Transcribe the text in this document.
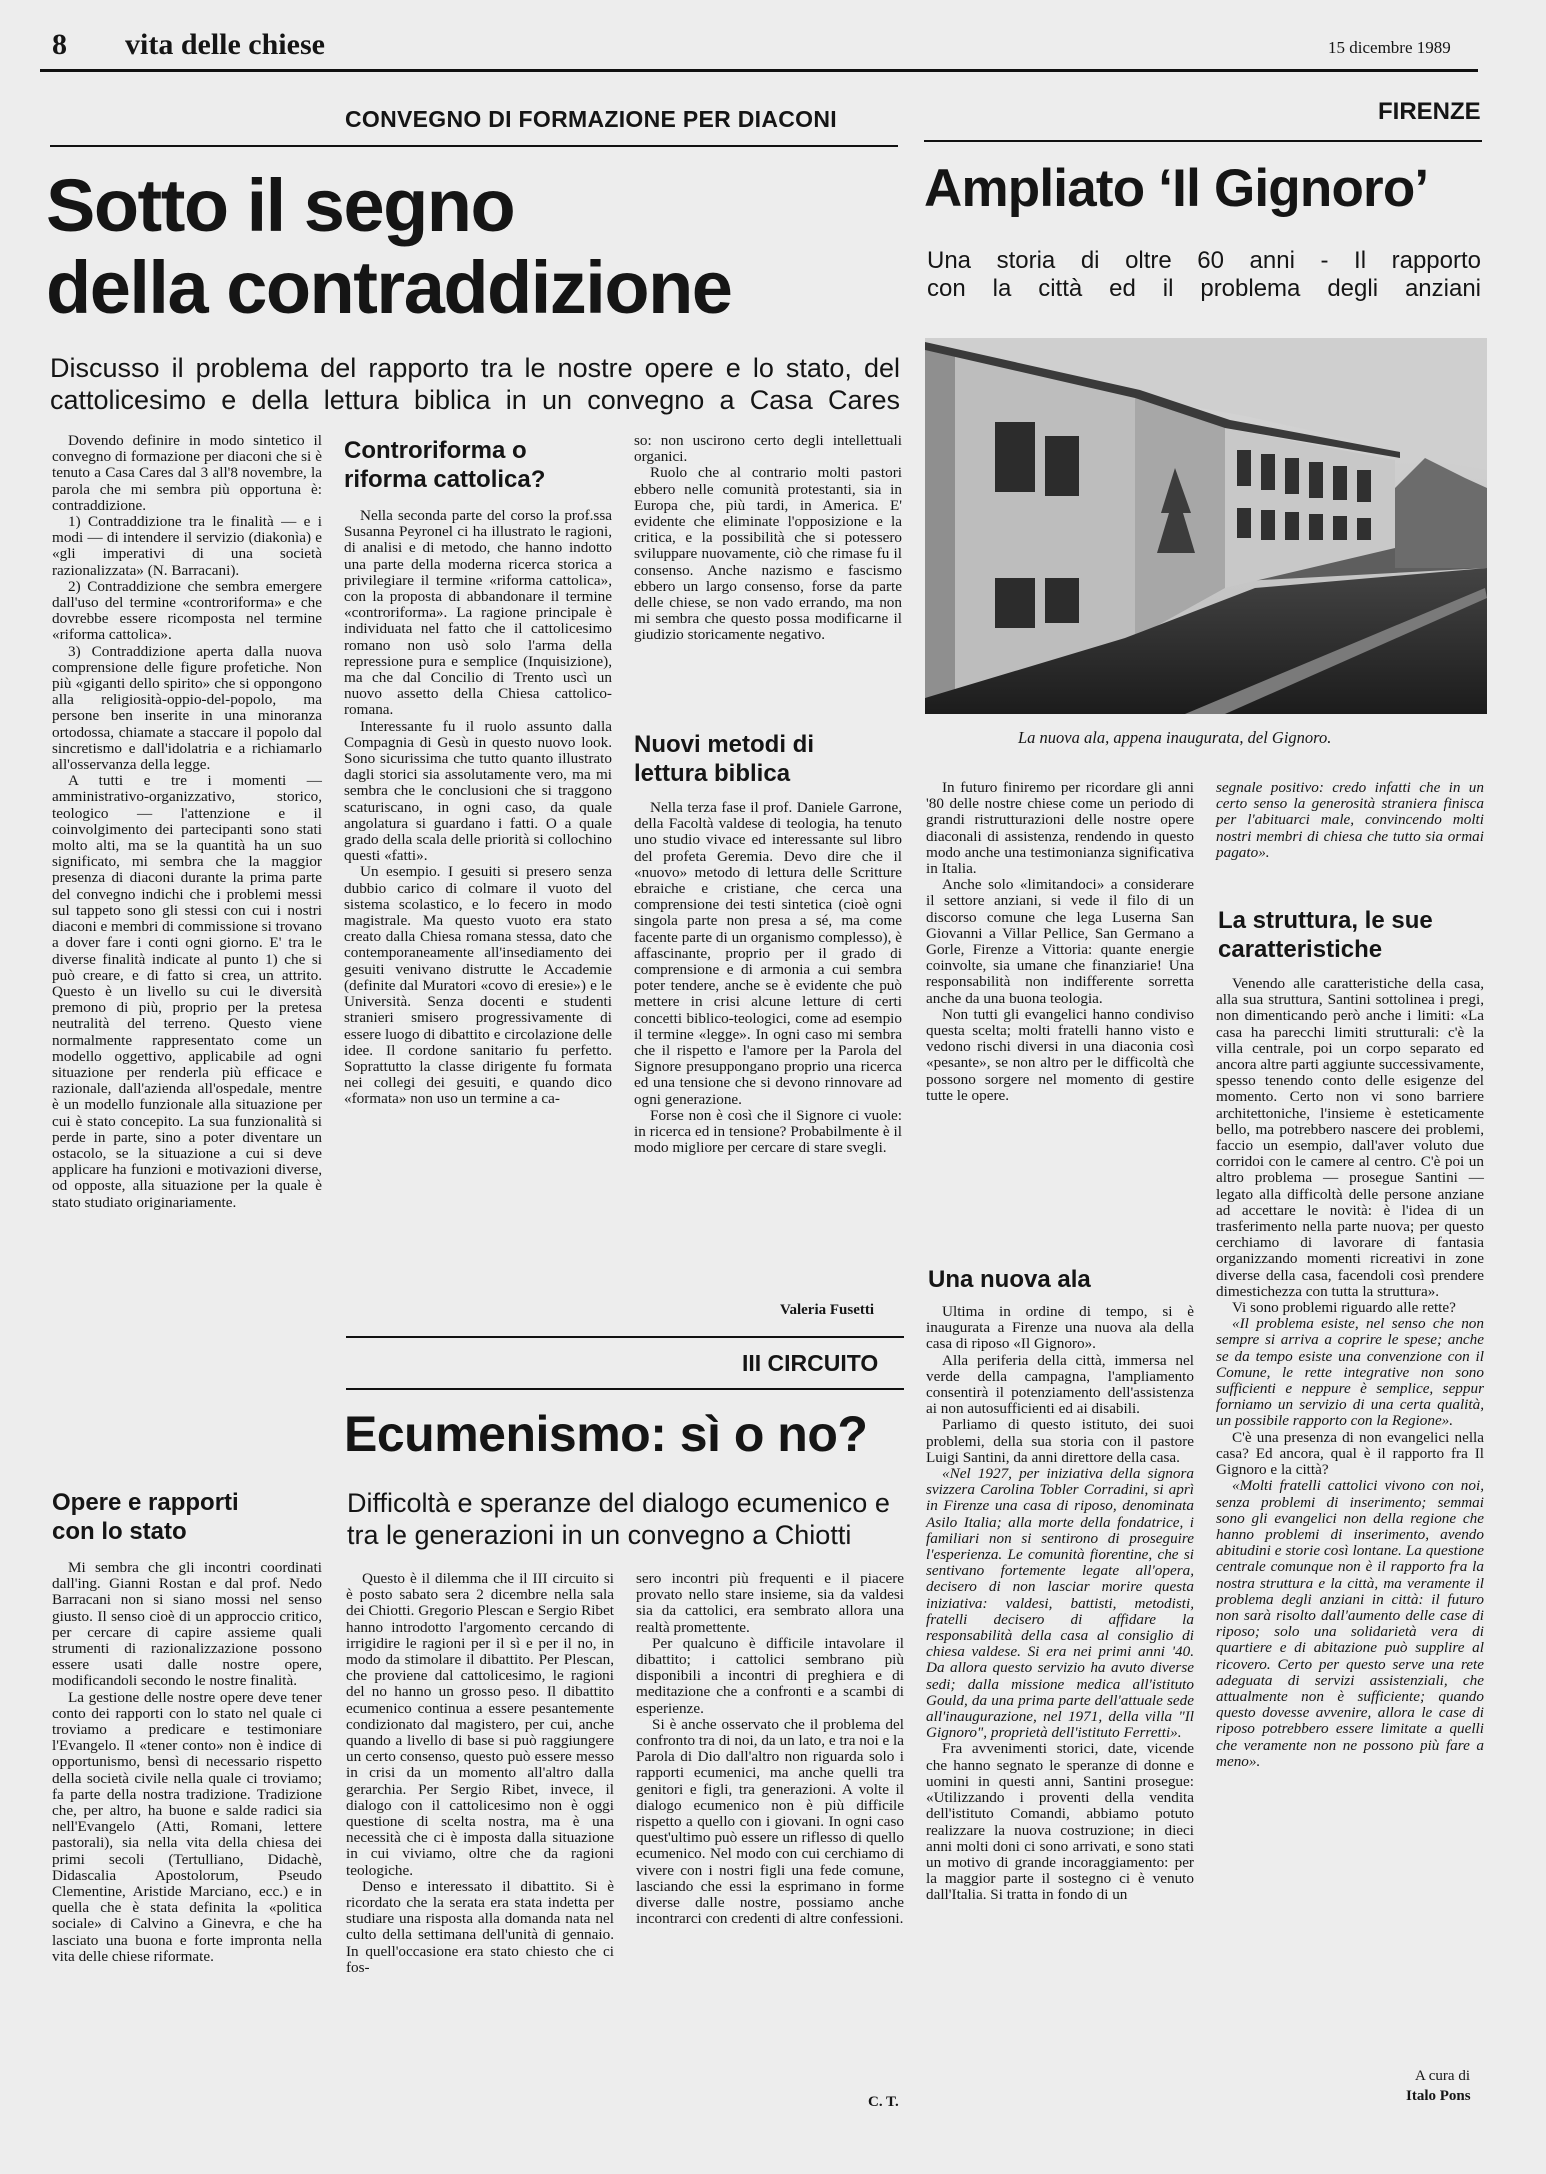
8 vita delle chiese	15 dicembre 1989
CONVEGNO DI FORMAZIONE PER DIACONI
Sotto il segno
della contraddizione
Discusso il problema del rapporto tra le nostre opere e lo stato, del
cattolicesimo e della lettura biblica in un convegno a Casa Cares

Dovendo definire in modo sintetico il convegno di formazione per diaconi che si è tenuto a Casa Cares dal 3 all'8 novembre, la parola che mi sembra più opportuna è: contraddizione.

1) Contraddizione tra le finalità — e i modi — di intendere il servizio (diakonìa) e «gli imperativi di una società razionalizzata» (N. Barracani).

2) Contraddizione che sembra emergere dall'uso del termine «controriforma» e che dovrebbe essere ricomposta nel termine «riforma cattolica».

3) Contraddizione aperta dalla nuova comprensione delle figure profetiche. Non più «giganti dello spirito» che si oppongono alla religiosità-oppio-del-popolo, ma persone ben inserite in una minoranza ortodossa, chiamate a staccare il popolo dal sincretismo e dall'idolatria e a richiamarlo all'osservanza della legge.

A tutti e tre i momenti — amministrativo-organizzativo, storico, teologico — l'attenzione e il coinvolgimento dei partecipanti sono stati molto alti, ma se la quantità ha un suo significato, mi sembra che la maggior presenza di diaconi durante la prima parte del convegno indichi che i problemi messi sul tappeto sono gli stessi con cui i nostri diaconi e membri di commissione si trovano a dover fare i conti ogni giorno. E' tra le diverse finalità indicate al punto 1) che si può creare, e di fatto si crea, un attrito. Questo è un livello su cui le diversità premono di più, proprio per la pretesa neutralità del terreno. Questo viene normalmente rappresentato come un modello oggettivo, applicabile ad ogni situazione per renderla più efficace e razionale, dall'azienda all'ospedale, mentre è un modello funzionale alla situazione per cui è stato concepito. La sua funzionalità si perde in parte, sino a poter diventare un ostacolo, se la situazione a cui si deve applicare ha funzioni e motivazioni diverse, od opposte, alla situazione per la quale è stato studiato originariamente.

Opere e rapporti con lo stato

Mi sembra che gli incontri coordinati dall'ing. Gianni Rostan e dal prof. Nedo Barracani non si siano mossi nel senso giusto. Il senso cioè di un approccio critico, per cercare di capire assieme quali strumenti di razionalizzazione possono essere usati dalle nostre opere, modificandoli secondo le nostre finalità.

La gestione delle nostre opere deve tener conto dei rapporti con lo stato nel quale ci troviamo a predicare e testimoniare l'Evangelo. Il «tener conto» non è indice di opportunismo, bensì di necessario rispetto della società civile nella quale ci troviamo; fa parte della nostra tradizione. Tradizione che, per altro, ha buone e salde radici sia nell'Evangelo (Atti, Romani, lettere pastorali), sia nella vita della chiesa dei primi secoli (Tertulliano, Didachè, Didascalia Apostolorum, Pseudo Clementine, Aristide Marciano, ecc.) e in quella che è stata definita la «politica sociale» di Calvino a Ginevra, e che ha lasciato una buona e forte impronta nella vita delle chiese riformate.

Controriforma o riforma cattolica?

Nella seconda parte del corso la prof.ssa Susanna Peyronel ci ha illustrato le ragioni, di analisi e di metodo, che hanno indotto una parte della moderna ricerca storica a privilegiare il termine «riforma cattolica», con la proposta di abbandonare il termine «controriforma». La ragione principale è individuata nel fatto che il cattolicesimo romano non usò solo l'arma della repressione pura e semplice (Inquisizione), ma che dal Concilio di Trento uscì un nuovo assetto della Chiesa cattolico-romana.

Interessante fu il ruolo assunto dalla Compagnia di Gesù in questo nuovo look. Sono sicurissima che tutto quanto illustrato dagli storici sia assolutamente vero, ma mi sembra che le conclusioni che si traggono scaturiscano, in ogni caso, da quale angolatura si guardano i fatti. O a quale grado della scala delle priorità si collochino questi «fatti».

Un esempio. I gesuiti si presero senza dubbio carico di colmare il vuoto del sistema scolastico, e lo fecero in modo magistrale. Ma questo vuoto era stato creato dalla Chiesa romana stessa, dato che contemporaneamente all'insediamento dei gesuiti venivano distrutte le Accademie (definite dal Muratori «covo di eresie») e le Università. Senza docenti e studenti stranieri smisero progressivamente di essere luogo di dibattito e circolazione delle idee. Il cordone sanitario fu perfetto. Soprattutto la classe dirigente fu formata nei collegi dei gesuiti, e quando dico «formata» non uso un termine a ca-

so: non uscirono certo degli intellettuali organici.

Ruolo che al contrario molti pastori ebbero nelle comunità protestanti, sia in Europa che, più tardi, in America. E' evidente che eliminate l'opposizione e la critica, e la possibilità che si potessero sviluppare nuovamente, ciò che rimase fu il consenso. Anche nazismo e fascismo ebbero un largo consenso, forse da parte delle chiese, se non vado errando, ma non mi sembra che questo possa modificarne il giudizio storicamente negativo.

Nuovi metodi di lettura biblica

Nella terza fase il prof. Daniele Garrone, della Facoltà valdese di teologia, ha tenuto uno studio vivace ed interessante sul libro del profeta Geremia. Devo dire che il «nuovo» metodo di lettura delle Scritture ebraiche e cristiane, che cerca una comprensione dei testi sintetica (cioè ogni singola parte non presa a sé, ma come facente parte di un organismo complesso), è affascinante, proprio per il grado di comprensione e di armonia a cui sembra poter tendere, anche se è evidente che può mettere in crisi alcune letture di certi concetti biblico-teologici, come ad esempio il termine «legge». In ogni caso mi sembra che il rispetto e l'amore per la Parola del Signore presuppongano proprio una ricerca ed una tensione che si devono rinnovare ad ogni generazione.

Forse non è così che il Signore ci vuole: in ricerca ed in tensione? Probabilmente è il modo migliore per cercare di stare svegli.

Valeria Fusetti
III CIRCUITO
Ecumenismo: sì o no?
Difficoltà e speranze del dialogo ecumenico e
tra le generazioni in un convegno a Chiotti

Questo è il dilemma che il III circuito si è posto sabato sera 2 dicembre nella sala dei Chiotti. Gregorio Plescan e Sergio Ribet hanno introdotto l'argomento cercando di irrigidire le ragioni per il sì e per il no, in modo da stimolare il dibattito. Per Plescan, che proviene dal cattolicesimo, le ragioni del no hanno un grosso peso. Il dibattito ecumenico continua a essere pesantemente condizionato dal magistero, per cui, anche quando a livello di base si può raggiungere un certo consenso, questo può essere messo in crisi da un momento all'altro dalla gerarchia. Per Sergio Ribet, invece, il dialogo con il cattolicesimo non è oggi questione di scelta nostra, ma è una necessità che ci è imposta dalla situazione in cui viviamo, oltre che da ragioni teologiche.

Denso e interessato il dibattito. Si è ricordato che la serata era stata indetta per studiare una risposta alla domanda nata nel culto della settimana dell'unità di gennaio. In quell'occasione era stato chiesto che ci fos-

sero incontri più frequenti e il piacere provato nello stare insieme, sia da valdesi sia da cattolici, era sembrato allora una realtà promettente.

Per qualcuno è difficile intavolare il dibattito; i cattolici sembrano più disponibili a incontri di preghiera e di meditazione che a confronti e a scambi di esperienze.

Si è anche osservato che il problema del confronto tra di noi, da un lato, e tra noi e la Parola di Dio dall'altro non riguarda solo i rapporti ecumenici, ma anche quelli tra genitori e figli, tra generazioni. A volte il dialogo ecumenico non è più difficile rispetto a quello con i giovani. In ogni caso quest'ultimo può essere un riflesso di quello ecumenico. Nel modo con cui cerchiamo di vivere con i nostri figli una fede comune, lasciando che essi la esprimano in forme diverse dalle nostre, possiamo anche incontrarci con credenti di altre confessioni.

C. T.
FIRENZE
Ampliato ‘Il Gignoro’
Una storia di oltre 60 anni - Il rapporto
con la città ed il problema degli anziani
La nuova ala, appena inaugurata, del Gignoro.

In futuro finiremo per ricordare gli anni '80 delle nostre chiese come un periodo di grandi ristrutturazioni delle nostre opere diaconali di assistenza, rendendo in questo modo anche una testimonianza significativa in Italia.

Anche solo «limitandoci» a considerare il settore anziani, si vede il filo di un discorso comune che lega Luserna San Giovanni a Villar Pellice, San Germano a Gorle, Firenze a Vittoria: quante energie coinvolte, sia umane che finanziarie! Una responsabilità non indifferente sorretta anche da una buona teologia.

Non tutti gli evangelici hanno condiviso questa scelta; molti fratelli hanno visto e vedono rischi diversi in una diaconia così «pesante», se non altro per le difficoltà che possono sorgere nel momento di gestire tutte le opere.

Una nuova ala

Ultima in ordine di tempo, si è inaugurata a Firenze una nuova ala della casa di riposo «Il Gignoro».

Alla periferia della città, immersa nel verde della campagna, l'ampliamento consentirà il potenziamento dell'assistenza ai non autosufficienti ed ai disabili.

Parliamo di questo istituto, dei suoi problemi, della sua storia con il pastore Luigi Santini, da anni direttore della casa.

«Nel 1927, per iniziativa della signora svizzera Carolina Tobler Corradini, si aprì in Firenze una casa di riposo, denominata Asilo Italia; alla morte della fondatrice, i familiari non si sentirono di proseguire l'esperienza. Le comunità fiorentine, che si sentivano fortemente legate all'opera, decisero di non lasciar morire questa iniziativa: valdesi, battisti, metodisti, fratelli decisero di affidare la responsabilità della casa al consiglio di chiesa valdese. Si era nei primi anni '40. Da allora questo servizio ha avuto diverse sedi; dalla missione medica all'istituto Gould, da una prima parte dell'attuale sede all'inaugurazione, nel 1971, della villa "Il Gignoro", proprietà dell'istituto Ferretti».

Fra avvenimenti storici, date, vicende che hanno segnato le speranze di donne e uomini in questi anni, Santini prosegue: «Utilizzando i proventi della vendita dell'istituto Comandi, abbiamo potuto realizzare la nuova costruzione; in dieci anni molti doni ci sono arrivati, e sono stati un motivo di grande incoraggiamento: per la maggior parte il sostegno ci è venuto dall'Italia. Si tratta in fondo di un

segnale positivo: credo infatti che in un certo senso la generosità straniera finisca per l'abituarci male, convincendo molti nostri membri di chiesa che tutto sia ormai pagato».

La struttura, le sue caratteristiche

Venendo alle caratteristiche della casa, alla sua struttura, Santini sottolinea i pregi, non dimenticando però anche i limiti: «La casa ha parecchi limiti strutturali: c'è la villa centrale, poi un corpo separato ed ancora altre parti aggiunte successivamente, spesso tenendo conto delle esigenze del momento. Certo non vi sono barriere architettoniche, l'insieme è esteticamente bello, ma potrebbero nascere dei problemi, faccio un esempio, dall'aver voluto due corridoi con le camere al centro. C'è poi un altro problema — prosegue Santini — legato alla difficoltà delle persone anziane ad accettare le novità: è l'idea di un trasferimento nella parte nuova; per questo cerchiamo di lavorare di fantasia organizzando momenti ricreativi in zone diverse della casa, facendoli così prendere dimestichezza con tutta la struttura».

Vi sono problemi riguardo alle rette?

«Il problema esiste, nel senso che non sempre si arriva a coprire le spese; anche se da tempo esiste una convenzione con il Comune, le rette integrative non sono sufficienti e neppure è semplice, seppur forniamo un servizio di una certa qualità, un possibile rapporto con la Regione».

C'è una presenza di non evangelici nella casa? Ed ancora, qual è il rapporto fra Il Gignoro e la città?

«Molti fratelli cattolici vivono con noi, senza problemi di inserimento; semmai sono gli evangelici non della regione che hanno problemi di inserimento, avendo abitudini e storie così lontane. La questione centrale comunque non è il rapporto fra la nostra struttura e la città, ma veramente il problema degli anziani in città: il futuro non sarà risolto dall'aumento delle case di riposo; solo una solidarietà vera di quartiere e di abitazione può supplire al ricovero. Certo per questo serve una rete adeguata di servizi assistenziali, che attualmente non è sufficiente; quando questo dovesse avvenire, allora le case di riposo potrebbero essere limitate a quelli che veramente non ne possono più fare a meno».

A cura di
Italo Pons
